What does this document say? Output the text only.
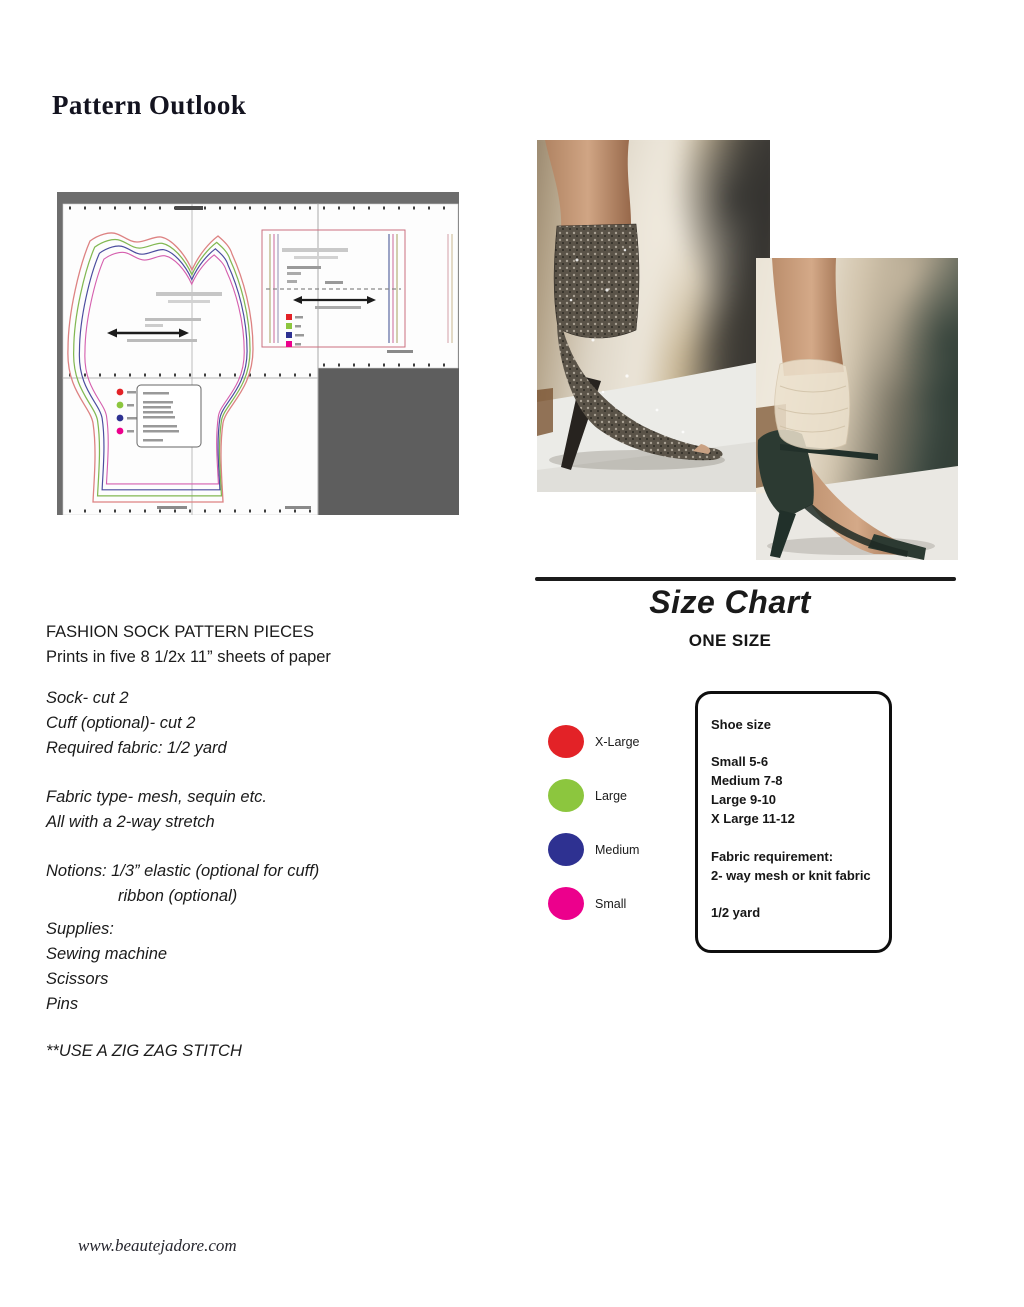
Pattern Outlook
Size Chart
ONE SIZE
X-Large
Large
Medium
Small
Shoe size
Small 5-6
Medium 7-8
Large 9-10
X Large 11-12
Fabric requirement:
2- way mesh or knit fabric
1/2 yard
FASHION SOCK PATTERN PIECES
Prints in five 8 1/2x 11” sheets of paper
Sock- cut 2
Cuff (optional)- cut 2
Required fabric: 1/2 yard
Fabric type- mesh, sequin etc.
All with a 2-way stretch
Notions: 1/3” elastic (optional for cuff)
ribbon (optional)
Supplies:
Sewing machine
Scissors
Pins
**USE A ZIG ZAG STITCH
www.beautejadore.com
